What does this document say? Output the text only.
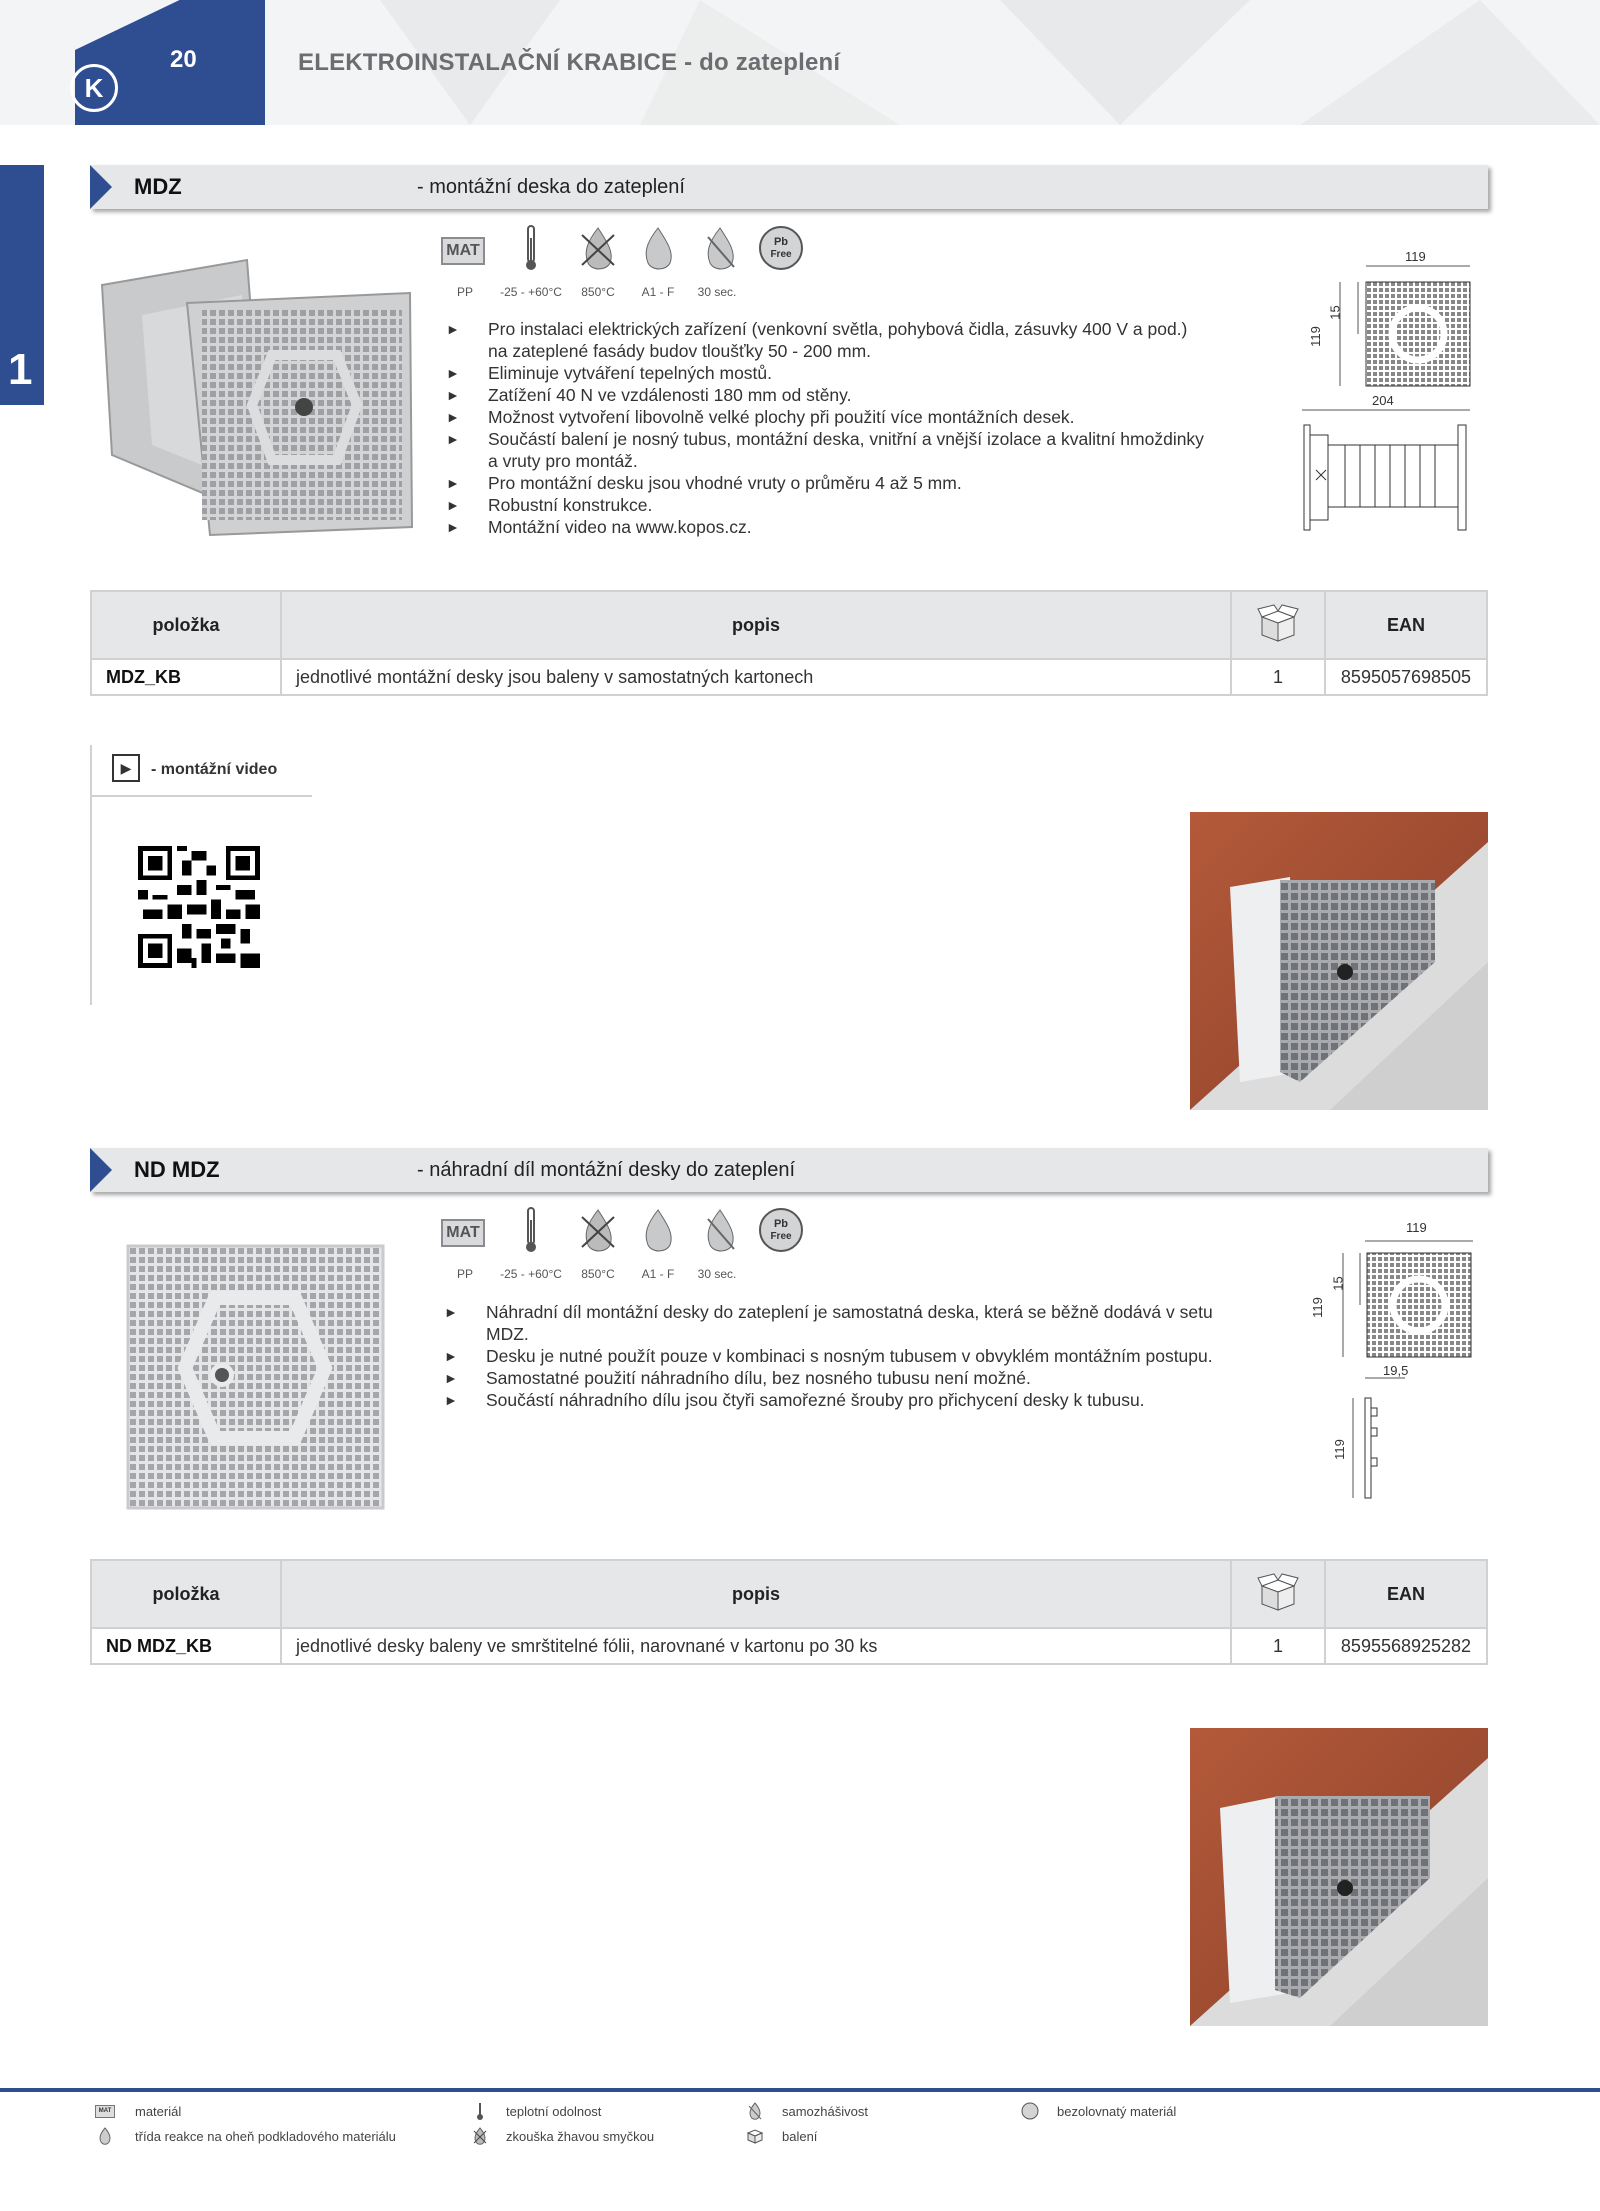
K
20	ELEKTROINSTALAČNÍ KRABICE - do zateplení
1
MDZ	- montážní deska do zateplení
MAT	Pb
Free
PP	-25 - +60°C	850°C	A1 - F	30 sec.
►	Pro instalaci elektrických zařízení (venkovní světla, pohybová čidla, zásuvky 400 V a pod.)
na zateplené fasády budov tloušťky 50 - 200 mm.
►	Eliminuje vytváření tepelných mostů.
►	Zatížení 40 N ve vzdálenosti 180 mm od stěny.
►	Možnost vytvoření libovolně velké plochy při použití více montážních desek.
►	Součástí balení je nosný tubus, montážní deska, vnitřní a vnější izolace a kvalitní hmoždinky
a vruty pro montáž.
►	Pro montážní desku jsou vhodné vruty o průměru 4 až 5 mm.
►	Robustní konstrukce.
►	Montážní video na www.kopos.cz.
119
119
15
204
položka	popis		EAN
MDZ_KB	jednotlivé montážní desky jsou baleny v samostatných kartonech	1	8595057698505
▶	- montážní video
ND MDZ	- náhradní díl montážní desky do zateplení
MAT	Pb
Free
PP	-25 - +60°C	850°C	A1 - F	30 sec.
►	Náhradní díl montážní desky do zateplení je samostatná deska, která se běžně dodává v setu
MDZ.
►	Desku je nutné použít pouze v kombinaci s nosným tubusem v obvyklém montážním postupu.
►	Samostatné použití náhradního dílu, bez nosného tubusu není možné.
►	Součástí náhradního dílu jsou čtyři samořezné šrouby pro přichycení desky k tubusu.
119
119
15
19,5
119
položka	popis		EAN
ND MDZ_KB	jednotlivé desky baleny ve smrštitelné fólii, narovnané v kartonu po 30 ks	1	8595568925282
MAT materiál	teplotní odolnost	samozhášivost	bezolovnatý materiál
třída reakce na oheň podkladového materiálu	zkouška žhavou smyčkou	balení
